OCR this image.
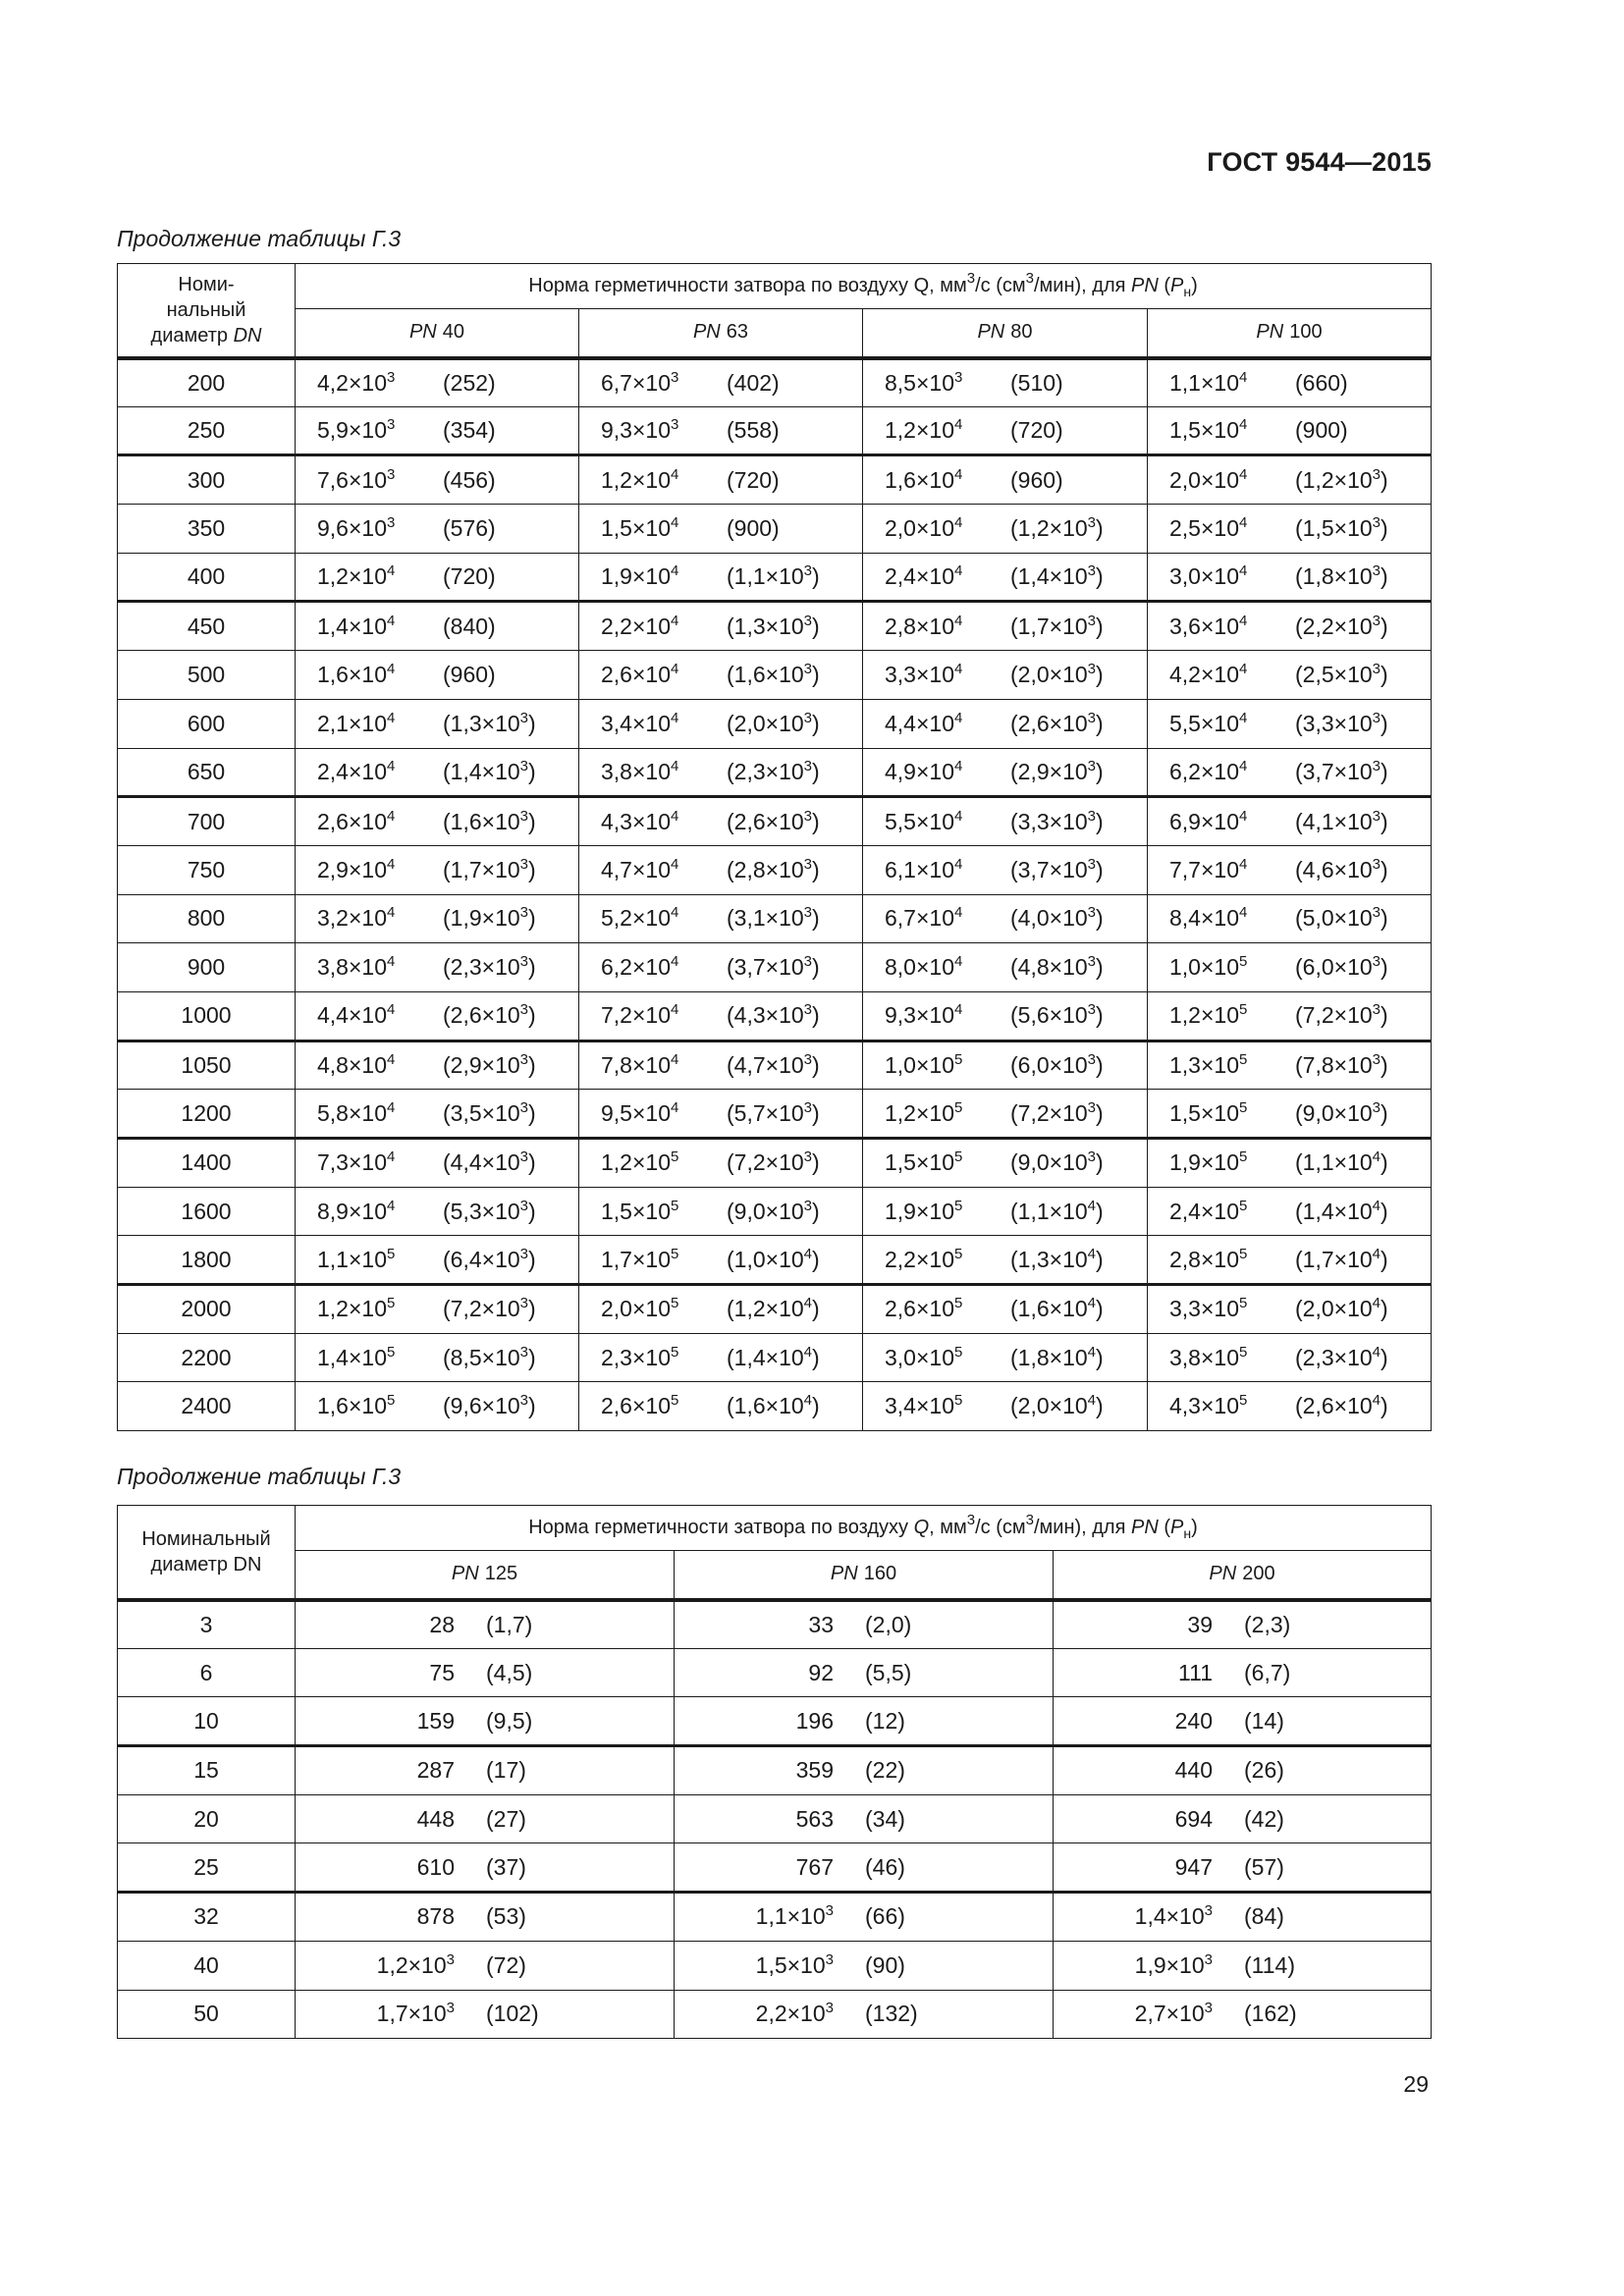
ГОСТ 9544—2015
Продолжение таблицы Г.3
Номи-
нальный
диаметр DN	Норма герметичности затвора по воздуху Q, $мм^3/с$ $(см^3/мин)$, для PN $(P_н)$			
	PN 40	PN 63	PN 80	PN 100
200	$4,2\times 10^3$ (252)	$6,7\times 10^3$ (402)	$8,5\times 10^3$ (510)	$1,1\times 10^4$ (660)

250	$5,9\times 10^3$ (354)	$9,3\times 10^3$ (558)	$1,2\times 10^4$ (720)	$1,5\times 10^4$ (900)

300	$7,6\times 10^3$ (456)	$1,2\times 10^4$ (720)	$1,6\times 10^4$ (960)	$2,0\times 10^4$ $(1,2\times 10^3)$

350	$9,6\times 10^3$ (576)	$1,5\times 10^4$ (900)	$2,0\times 10^4$ $(1,2\times 10^3)$	$2,5\times 10^4$ $(1,5\times 10^3)$

400	$1,2\times 10^4$ (720)	$1,9\times 10^4$ $(1,1\times 10^3)$	$2,4\times 10^4$ $(1,4\times 10^3)$	$3,0\times 10^4$ $(1,8\times 10^3)$

450	$1,4\times 10^4$ (840)	$2,2\times 10^4$ $(1,3\times 10^3)$	$2,8\times 10^4$ $(1,7\times 10^3)$	$3,6\times 10^4$ $(2,2\times 10^3)$

500	$1,6\times 10^4$ (960)	$2,6\times 10^4$ $(1,6\times 10^3)$	$3,3\times 10^4$ $(2,0\times 10^3)$	$4,2\times 10^4$ $(2,5\times 10^3)$

600	$2,1\times 10^4$ $(1,3\times 10^3)$	$3,4\times 10^4$ $(2,0\times 10^3)$	$4,4\times 10^4$ $(2,6\times 10^3)$	$5,5\times 10^4$ $(3,3\times 10^3)$

650	$2,4\times 10^4$ $(1,4\times 10^3)$	$3,8\times 10^4$ $(2,3\times 10^3)$	$4,9\times 10^4$ $(2,9\times 10^3)$	$6,2\times 10^4$ $(3,7\times 10^3)$

700	$2,6\times 10^4$ $(1,6\times 10^3)$	$4,3\times 10^4$ $(2,6\times 10^3)$	$5,5\times 10^4$ $(3,3\times 10^3)$	$6,9\times 10^4$ $(4,1\times 10^3)$

750	$2,9\times 10^4$ $(1,7\times 10^3)$	$4,7\times 10^4$ $(2,8\times 10^3)$	$6,1\times 10^4$ $(3,7\times 10^3)$	$7,7\times 10^4$ $(4,6\times 10^3)$

800	$3,2\times 10^4$ $(1,9\times 10^3)$	$5,2\times 10^4$ $(3,1\times 10^3)$	$6,7\times 10^4$ $(4,0\times 10^3)$	$8,4\times 10^4$ $(5,0\times 10^3)$

900	$3,8\times 10^4$ $(2,3\times 10^3)$	$6,2\times 10^4$ $(3,7\times 10^3)$	$8,0\times 10^4$ $(4,8\times 10^3)$	$1,0\times 10^5$ $(6,0\times 10^3)$

1000	$4,4\times 10^4$ $(2,6\times 10^3)$	$7,2\times 10^4$ $(4,3\times 10^3)$	$9,3\times 10^4$ $(5,6\times 10^3)$	$1,2\times 10^5$ $(7,2\times 10^3)$

1050	$4,8\times 10^4$ $(2,9\times 10^3)$	$7,8\times 10^4$ $(4,7\times 10^3)$	$1,0\times 10^5$ $(6,0\times 10^3)$	$1,3\times 10^5$ $(7,8\times 10^3)$

1200	$5,8\times 10^4$ $(3,5\times 10^3)$	$9,5\times 10^4$ $(5,7\times 10^3)$	$1,2\times 10^5$ $(7,2\times 10^3)$	$1,5\times 10^5$ $(9,0\times 10^3)$

1400	$7,3\times 10^4$ $(4,4\times 10^3)$	$1,2\times 10^5$ $(7,2\times 10^3)$	$1,5\times 10^5$ $(9,0\times 10^3)$	$1,9\times 10^5$ $(1,1\times 10^4)$

1600	$8,9\times 10^4$ $(5,3\times 10^3)$	$1,5\times 10^5$ $(9,0\times 10^3)$	$1,9\times 10^5$ $(1,1\times 10^4)$	$2,4\times 10^5$ $(1,4\times 10^4)$

1800	$1,1\times 10^5$ $(6,4\times 10^3)$	$1,7\times 10^5$ $(1,0\times 10^4)$	$2,2\times 10^5$ $(1,3\times 10^4)$	$2,8\times 10^5$ $(1,7\times 10^4)$

2000	$1,2\times 10^5$ $(7,2\times 10^3)$	$2,0\times 10^5$ $(1,2\times 10^4)$	$2,6\times 10^5$ $(1,6\times 10^4)$	$3,3\times 10^5$ $(2,0\times 10^4)$

2200	$1,4\times 10^5$ $(8,5\times 10^3)$	$2,3\times 10^5$ $(1,4\times 10^4)$	$3,0\times 10^5$ $(1,8\times 10^4)$	$3,8\times 10^5$ $(2,3\times 10^4)$

2400	$1,6\times 10^5$ $(9,6\times 10^3)$	$2,6\times 10^5$ $(1,6\times 10^4)$	$3,4\times 10^5$ $(2,0\times 10^4)$	$4,3\times 10^5$ $(2,6\times 10^4)$
Продолжение таблицы Г.3
Номинальный
диаметр DN	Норма герметичности затвора по воздуху Q, $мм^3/с$ $(см^3/мин)$, для PN $(P_н)$		
	PN 125	PN 160	PN 200
3	28 (1,7)	33 (2,0)	39 (2,3)

6	75 (4,5)	92 (5,5)	111 (6,7)

10	159 (9,5)	196 (12)	240 (14)

15	287 (17)	359 (22)	440 (26)

20	448 (27)	563 (34)	694 (42)

25	610 (37)	767 (46)	947 (57)

32	878 (53)	$1,1\times 10^3$ (66)	$1,4\times 10^3$ (84)

40	$1,2\times 10^3$ (72)	$1,5\times 10^3$ (90)	$1,9\times 10^3$ (114)

50	$1,7\times 10^3$ (102)	$2,2\times 10^3$ (132)	$2,7\times 10^3$ (162)
29
